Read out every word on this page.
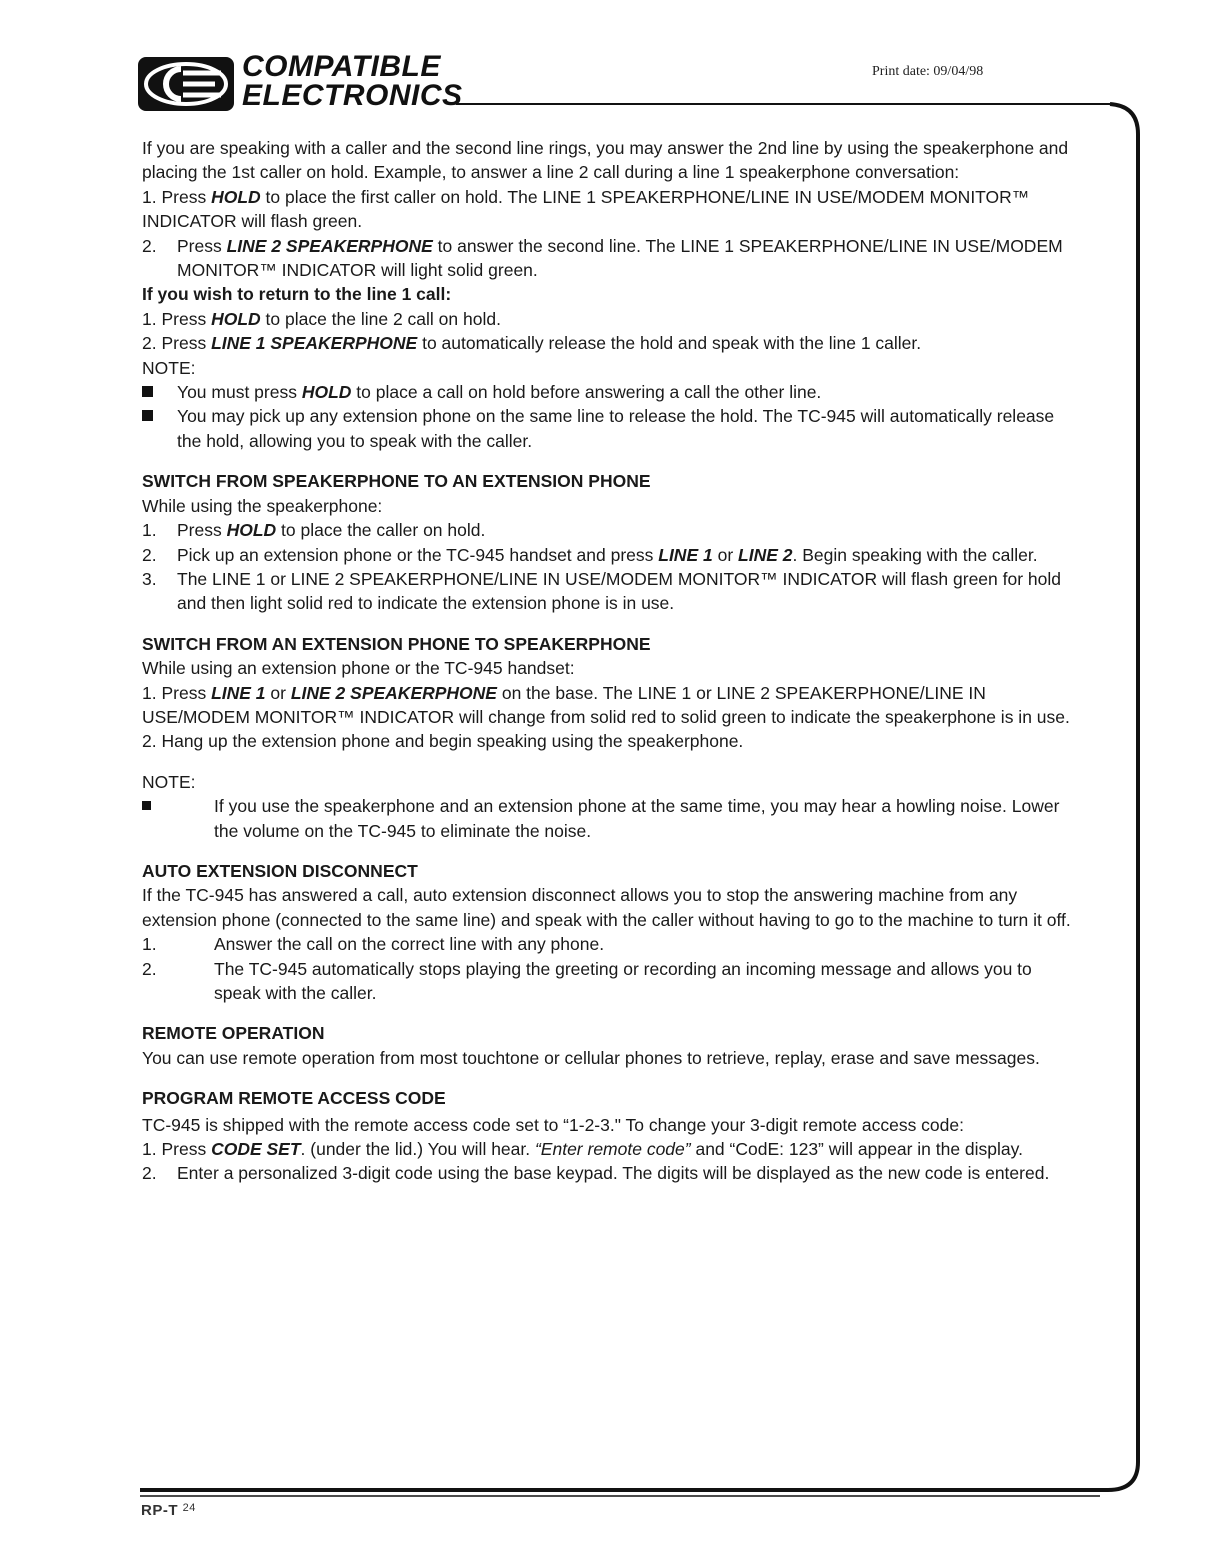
COMPATIBLE
ELECTRONICS
Print date: 09/04/98

If you are speaking with a caller and the second line rings, you may answer the 2nd line by using the speakerphone and placing the 1st caller on hold. Example, to answer a line 2 call during a line 1 speakerphone conversation:

1. Press HOLD to place the first caller on hold. The LINE 1 SPEAKERPHONE/LINE IN USE/MODEM MONITOR™ INDICATOR will flash green.

2. Press LINE 2 SPEAKERPHONE to answer the second line. The LINE 1 SPEAKERPHONE/LINE IN USE/MODEM MONITOR™ INDICATOR will light solid green.

If you wish to return to the line 1 call:

1. Press HOLD to place the line 2 call on hold.

2. Press LINE 1 SPEAKERPHONE to automatically release the hold and speak with the line 1 caller.

NOTE:

You must press HOLD to place a call on hold before answering a call the other line.

You may pick up any extension phone on the same line to release the hold. The TC-945 will automatically release the hold, allowing you to speak with the caller.

SWITCH FROM SPEAKERPHONE TO AN EXTENSION PHONE

While using the speakerphone:

1. Press HOLD to place the caller on hold.

2. Pick up an extension phone or the TC-945 handset and press LINE 1 or LINE 2. Begin speaking with the caller.

3. The LINE 1 or LINE 2 SPEAKERPHONE/LINE IN USE/MODEM MONITOR™ INDICATOR will flash green for hold and then light solid red to indicate the extension phone is in use.

SWITCH FROM AN EXTENSION PHONE TO SPEAKERPHONE

While using an extension phone or the TC-945 handset:

1. Press LINE 1 or LINE 2 SPEAKERPHONE on the base. The LINE 1 or LINE 2 SPEAKERPHONE/LINE IN USE/MODEM MONITOR™ INDICATOR will change from solid red to solid green to indicate the speakerphone is in use.

2. Hang up the extension phone and begin speaking using the speakerphone.

NOTE:

If you use the speakerphone and an extension phone at the same time, you may hear a howling noise. Lower the volume on the TC-945 to eliminate the noise.

AUTO EXTENSION DISCONNECT

If the TC-945 has answered a call, auto extension disconnect allows you to stop the answering machine from any extension phone (connected to the same line) and speak with the caller without having to go to the machine to turn it off.

1.	Answer the call on the correct line with any phone.

2.	The TC-945 automatically stops playing the greeting or recording an incoming message and allows you to speak with the caller.

REMOTE OPERATION

You can use remote operation from most touchtone or cellular phones to retrieve, replay, erase and save messages.

PROGRAM REMOTE ACCESS CODE

TC-945 is shipped with the remote access code set to “1-2-3." To change your 3-digit remote access code:

1. Press CODE SET. (under the lid.) You will hear. “Enter remote code” and “CodE: 123” will appear in the display.

2. Enter a personalized 3-digit code using the base keypad. The digits will be displayed as the new code is entered.

RP-T $^{24}$
